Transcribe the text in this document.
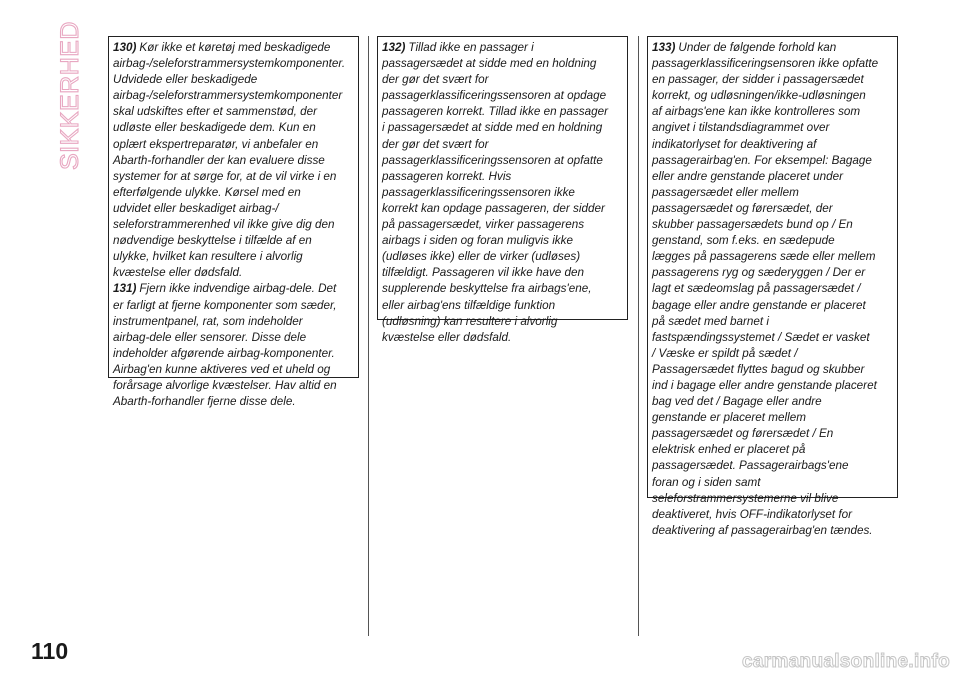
SIKKERHED	130) Kør ikke et køretøj med beskadigede
airbag-/seleforstrammersystemkomponenter.
Udvidede eller beskadigede
airbag-/seleforstrammersystemkomponenter
skal udskiftes efter et sammenstød, der
udløste eller beskadigede dem. Kun en
oplært ekspertreparatør, vi anbefaler en
Abarth-forhandler der kan evaluere disse
systemer for at sørge for, at de vil virke i en
efterfølgende ulykke. Kørsel med en
udvidet eller beskadiget airbag-/
seleforstrammerenhed vil ikke give dig den
nødvendige beskyttelse i tilfælde af en
ulykke, hvilket kan resultere i alvorlig
kvæstelse eller dødsfald.

131) Fjern ikke indvendige airbag-dele. Det
er farligt at fjerne komponenter som sæder,
instrumentpanel, rat, som indeholder
airbag-dele eller sensorer. Disse dele
indeholder afgørende airbag-komponenter.
Airbag'en kunne aktiveres ved et uheld og
forårsage alvorlige kvæstelser. Hav altid en
Abarth-forhandler fjerne disse dele.

132) Tillad ikke en passager i
passagersædet at sidde med en holdning
der gør det svært for
passagerklassificeringssensoren at opdage
passageren korrekt. Tillad ikke en passager
i passagersædet at sidde med en holdning
der gør det svært for
passagerklassificeringssensoren at opfatte
passageren korrekt. Hvis
passagerklassificeringssensoren ikke
korrekt kan opdage passageren, der sidder
på passagersædet, virker passagerens
airbags i siden og foran muligvis ikke
(udløses ikke) eller de virker (udløses)
tilfældigt. Passageren vil ikke have den
supplerende beskyttelse fra airbags'ene,
eller airbag'ens tilfældige funktion
(udløsning) kan resultere i alvorlig
kvæstelse eller dødsfald.

133) Under de følgende forhold kan
passagerklassificeringsensoren ikke opfatte
en passager, der sidder i passagersædet
korrekt, og udløsningen/ikke-udløsningen
af airbags'ene kan ikke kontrolleres som
angivet i tilstandsdiagrammet over
indikatorlyset for deaktivering af
passagerairbag'en. For eksempel: Bagage
eller andre genstande placeret under
passagersædet eller mellem
passagersædet og førersædet, der
skubber passagersædets bund op / En
genstand, som f.eks. en sædepude
lægges på passagerens sæde eller mellem
passagerens ryg og sæderyggen / Der er
lagt et sædeomslag på passagersædet /
bagage eller andre genstande er placeret
på sædet med barnet i
fastspændingssystemet / Sædet er vasket
/ Væske er spildt på sædet /
Passagersædet flyttes bagud og skubber
ind i bagage eller andre genstande placeret
bag ved det / Bagage eller andre
genstande er placeret mellem
passagersædet og førersædet / En
elektrisk enhed er placeret på
passagersædet. Passagerairbags'ene
foran og i siden samt
seleforstrammersystemerne vil blive
deaktiveret, hvis OFF-indikatorlyset for
deaktivering af passagerairbag'en tændes.

110	carmanualsonline.info
